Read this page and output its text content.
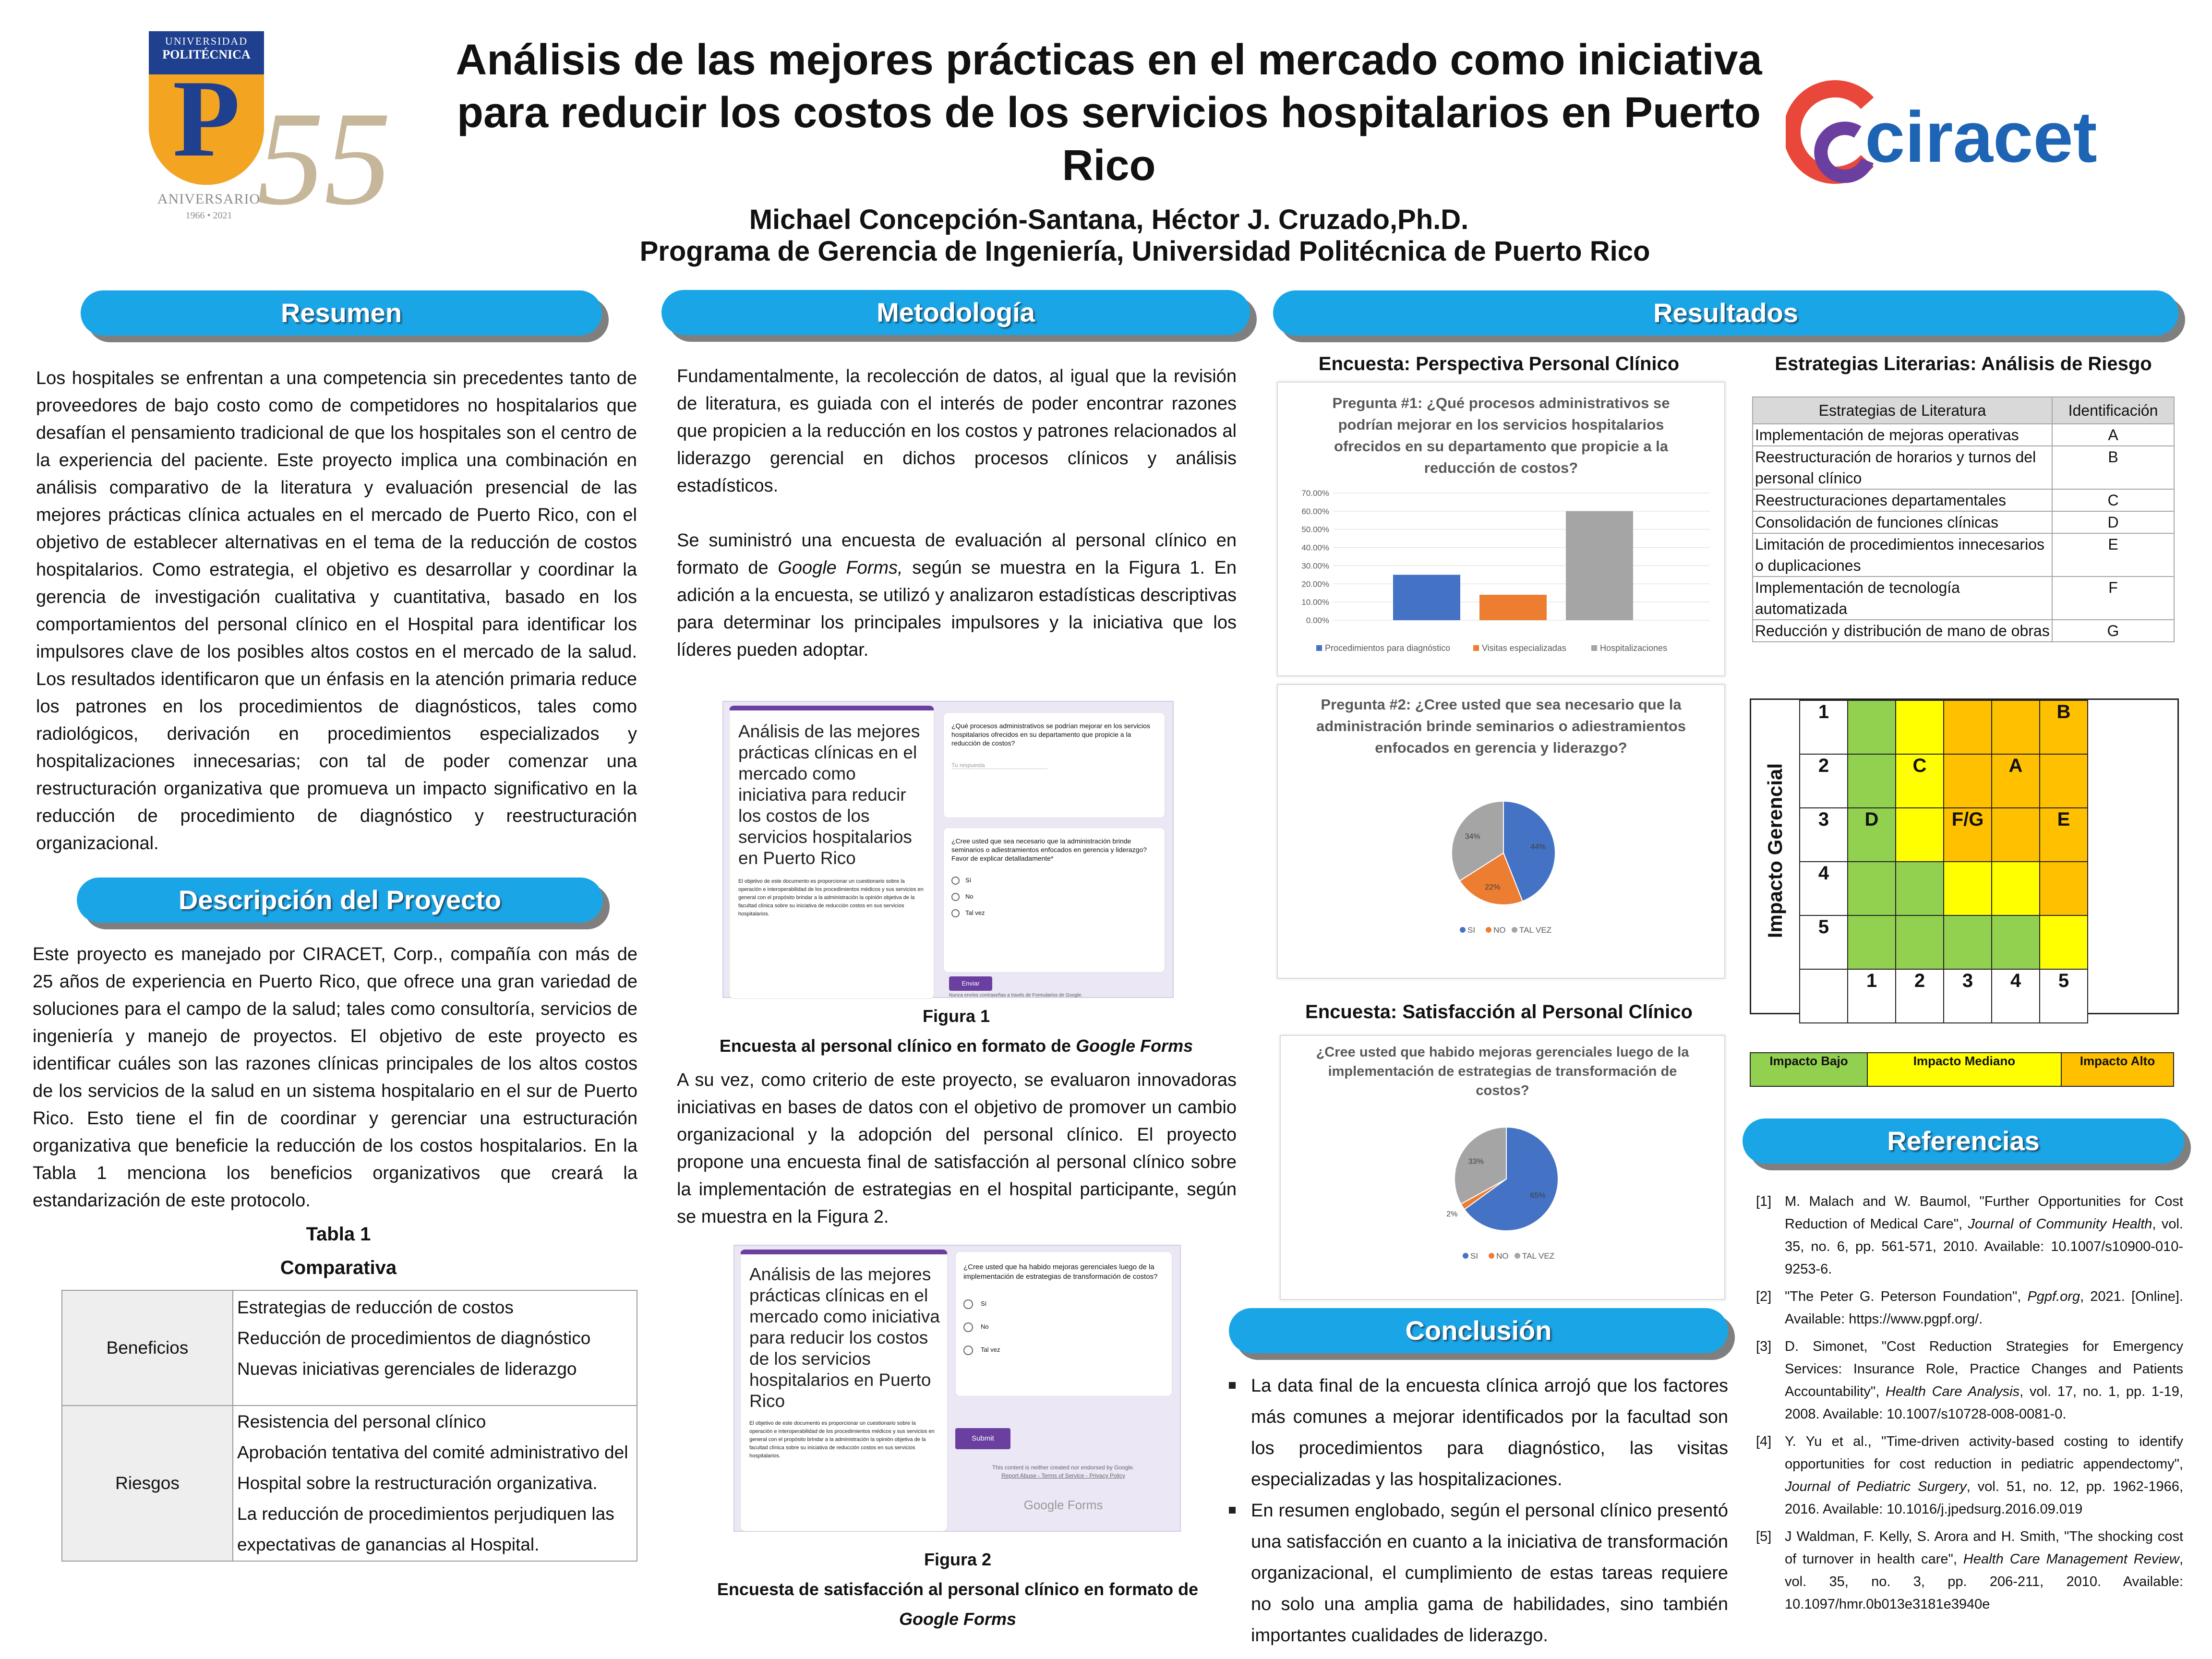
UNIVERSIDAD
POLITÉCNICA
P 55
ANIVERSARIO
1966 • 2021
Análisis de las mejores prácticas en el mercado como iniciativa para reducir los costos de los servicios hospitalarios en Puerto Rico
Michael Concepción-Santana, Héctor J. Cruzado,Ph.D.
Programa de Gerencia de Ingeniería, Universidad Politécnica de Puerto Rico
ciracet
Resumen
Los hospitales se enfrentan a una competencia sin precedentes tanto de proveedores de bajo costo como de competidores no hospitalarios que desafían el pensamiento tradicional de que los hospitales son el centro de la experiencia del paciente. Este proyecto implica una combinación en análisis comparativo de la literatura y evaluación presencial de las mejores prácticas clínica actuales en el mercado de Puerto Rico, con el objetivo de establecer alternativas en el tema de la reducción de costos hospitalarios. Como estrategia, el objetivo es desarrollar y coordinar la gerencia de investigación cualitativa y cuantitativa, basado en los comportamientos del personal clínico en el Hospital para identificar los impulsores clave de los posibles altos costos en el mercado de la salud. Los resultados identificaron que un énfasis en la atención primaria reduce los patrones en los procedimientos de diagnósticos, tales como radiológicos, derivación en procedimientos especializados y hospitalizaciones innecesarias; con tal de poder comenzar una restructuración organizativa que promueva un impacto significativo en la reducción de procedimiento de diagnóstico y reestructuración organizacional.
Descripción del Proyecto
Este proyecto es manejado por CIRACET, Corp., compañía con más de 25 años de experiencia en Puerto Rico, que ofrece una gran variedad de soluciones para el campo de la salud; tales como consultoría, servicios de ingeniería y manejo de proyectos. El objetivo de este proyecto es identificar cuáles son las razones clínicas principales de los altos costos de los servicios de la salud en un sistema hospitalario en el sur de Puerto Rico. Esto tiene el fin de coordinar y gerenciar una estructuración organizativa que beneficie la reducción de los costos hospitalarios. En la Tabla 1 menciona los beneficios organizativos que creará la estandarización de este protocolo.
Tabla 1
Comparativa
Beneficios	Estrategias de reducción de costos
Reducción de procedimientos de diagnóstico
Nuevas iniciativas gerenciales de liderazgo

Riesgos	Resistencia del personal clínico
Aprobación tentativa del comité administrativo del Hospital sobre la restructuración organizativa.
La reducción de procedimientos perjudiquen las expectativas de ganancias al Hospital.
Metodología

Fundamentalmente, la recolección de datos, al igual que la revisión de literatura, es guiada con el interés de poder encontrar razones que propicien a la reducción en los costos y patrones relacionados al liderazgo gerencial en dichos procesos clínicos y análisis estadísticos.

Se suministró una encuesta de evaluación al personal clínico en formato de Google Forms, según se muestra en la Figura 1. En adición a la encuesta, se utilizó y analizaron estadísticas descriptivas para determinar los principales impulsores y la iniciativa que los líderes pueden adoptar.

Análisis de las mejores prácticas clínicas en el mercado como iniciativa para reducir los costos de los servicios hospitalarios en Puerto Rico
El objetivo de este documento es proporcionar un cuestionario sobre la operación e interoperabilidad de los procedimientos médicos y sus servicios en general con el propósito brindar a la administración la opinión objetiva de la facultad clínica sobre su iniciativa de reducción costos en sus servicios hospitalarios.
¿Qué procesos administrativos se podrían mejorar en los servicios hospitalarios ofrecidos en su departamento que propicie a la reducción de costos?
Tu respuesta
¿Cree usted que sea necesario que la administración brinde seminarios o adiestramientos enfocados en gerencia y liderazgo? Favor de explicar detalladamente*
Sí
No
Tal vez
Enviar
Nunca envíes contraseñas a través de Formularios de Google.
Figura 1
Encuesta al personal clínico en formato de Google Forms
A su vez, como criterio de este proyecto, se evaluaron innovadoras iniciativas en bases de datos con el objetivo de promover un cambio organizacional y la adopción del personal clínico. El proyecto propone una encuesta final de satisfacción al personal clínico sobre la implementación de estrategias en el hospital participante, según se muestra en la Figura 2.
Análisis de las mejores prácticas clínicas en el mercado como iniciativa para reducir los costos de los servicios hospitalarios en Puerto Rico
El objetivo de este documento es proporcionar un cuestionario sobre la operación e interoperabilidad de los procedimientos médicos y sus servicios en general con el propósito brindar a la administración la opinión objetiva de la facultad clínica sobre su iniciativa de reducción costos en sus servicios hospitalarios.
¿Cree usted que ha habido mejoras gerenciales luego de la implementación de estrategias de transformación de costos?
Sí
No
Tal vez
Submit
This content is neither created nor endorsed by Google.
Report Abuse - Terms of Service - Privacy Policy
Google Forms
Figura 2
Encuesta de satisfacción al personal clínico en formato de
Google Forms
Resultados
Encuesta: Perspectiva Personal Clínico	Estrategias Literarias: Análisis de Riesgo
Pregunta #1: ¿Qué procesos administrativos se podrían mejorar en los servicios hospitalarios ofrecidos en su departamento que propicie a la reducción de costos?
0.00%
10.00%
20.00%
30.00%
40.00%
50.00%
60.00%
70.00%
Procedimientos para diagnóstico	Visitas especializadas	Hospitalizaciones
Pregunta #2: ¿Cree usted que sea necesario que la administración brinde seminarios o adiestramientos enfocados en gerencia y liderazgo?
44%
22%
34%
SI NO TAL VEZ
Encuesta: Satisfacción al Personal Clínico
¿Cree usted que habido mejoras gerenciales luego de la implementación de estrategias de transformación de costos?
65%
2%
33%
SI NO TAL VEZ
Estrategias de Literatura	Identificación
Implementación de mejoras operativas	A
Reestructuración de horarios y turnos del personal clínico	B
Reestructuraciones departamentales	C
Consolidación de funciones clínicas	D
Limitación de procedimientos innecesarios o duplicaciones	E
Implementación de tecnología automatizada	F
Reducción y distribución de mano de obras	G
Impacto Gerencial
1					B
2		C		A	
3	D		F/G		E
4					
5					
	1	2	3	4	5
Impacto Bajo	Impacto Mediano	Impacto Alto
Referencias
[1] M. Malach and W. Baumol, "Further Opportunities for Cost Reduction of Medical Care", Journal of Community Health, vol. 35, no. 6, pp. 561-571, 2010. Available: 10.1007/s10900-010-9253-6.
[2] "The Peter G. Peterson Foundation", Pgpf.org, 2021. [Online]. Available: https://www.pgpf.org/.
[3] D. Simonet, "Cost Reduction Strategies for Emergency Services: Insurance Role, Practice Changes and Patients Accountability", Health Care Analysis, vol. 17, no. 1, pp. 1-19, 2008. Available: 10.1007/s10728-008-0081-0.
[4] Y. Yu et al., "Time-driven activity-based costing to identify opportunities for cost reduction in pediatric appendectomy", Journal of Pediatric Surgery, vol. 51, no. 12, pp. 1962-1966, 2016. Available: 10.1016/j.jpedsurg.2016.09.019
[5] J Waldman, F. Kelly, S. Arora and H. Smith, "The shocking cost of turnover in health care", Health Care Management Review, vol. 35, no. 3, pp. 206-211, 2010. Available: 10.1097/hmr.0b013e3181e3940e
Conclusión
La data final de la encuesta clínica arrojó que los factores más comunes a mejorar identificados por la facultad son los procedimientos para diagnóstico, las visitas especializadas y las hospitalizaciones.
En resumen englobado, según el personal clínico presentó una satisfacción en cuanto a la iniciativa de transformación organizacional, el cumplimiento de estas tareas requiere no solo una amplia gama de habilidades, sino también importantes cualidades de liderazgo.
